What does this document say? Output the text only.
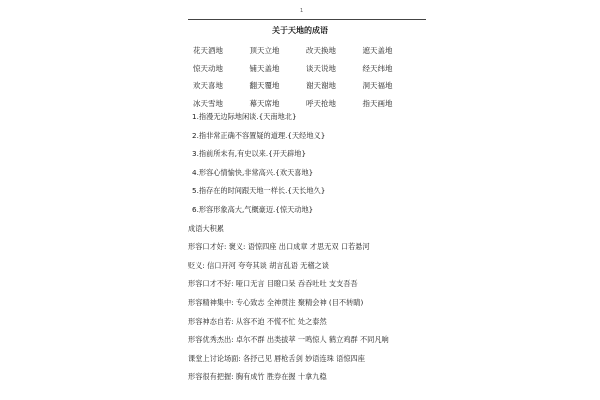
1
关于天地的成语
花天酒地	顶天立地	改天换地	遮天盖地
惊天动地	铺天盖地	谈天说地	经天纬地
欢天喜地	翻天覆地	谢天谢地	洞天福地
冰天雪地	幕天席地	呼天抢地	指天画地
1.指漫无边际地闲谈.{天南地北}
2.指非常正确不容置疑的道理.{天经地义}
3.指前所未有,有史以来.{开天辟地}
4.形容心情愉快,非常高兴.{欢天喜地}
5.指存在的时间跟天地一样长.{天长地久}
6.形容形象高大,气概豪迈.{惊天动地}
成语大积累
形容口才好: 褒义: 语惊四座 出口成章 才思无双 口若悬河
贬义: 信口开河 夸夸其谈 胡言乱语 无稽之谈
形容口才不好: 哑口无言 目瞪口呆 吞吞吐吐 支支吾吾
形容精神集中: 专心致志 全神贯注 聚精会神 (目不转睛)
形容神态自若: 从容不迫 不慌不忙 处之泰然
形容优秀杰出: 卓尔不群 出类拔萃 一鸣惊人 鹤立鸡群 不同凡响
课堂上讨论场面: 各抒己见 唇枪舌剑 妙语连珠 语惊四座
形容很有把握: 胸有成竹 胜券在握 十拿九稳
